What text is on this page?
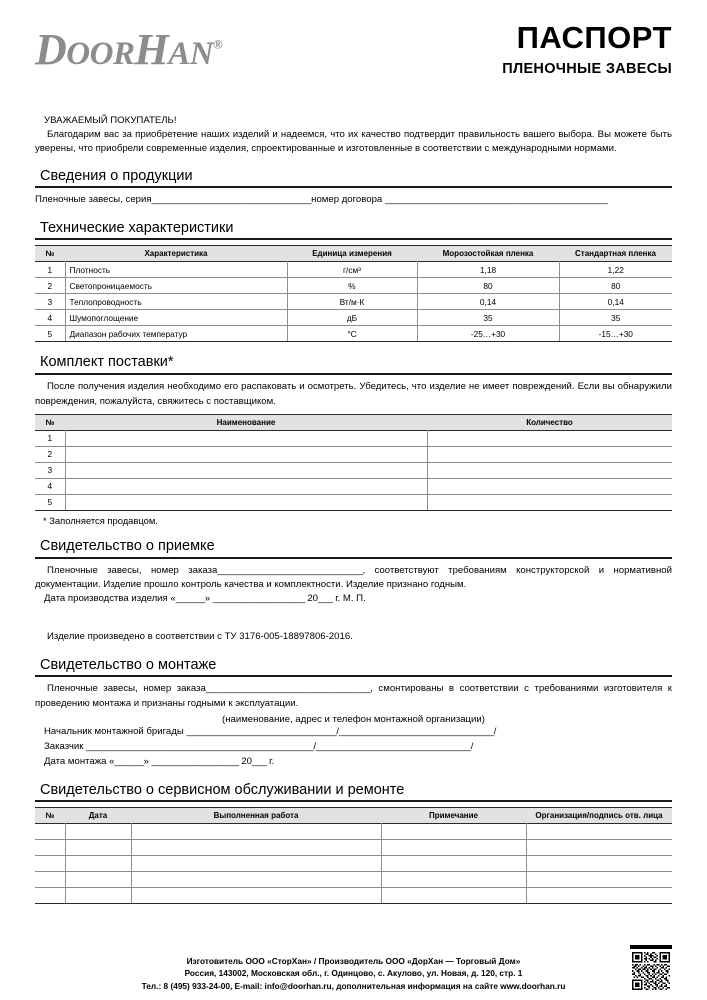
DOORHAN®	ПАСПОРТ
ПЛЕНОЧНЫЕ ЗАВЕСЫ
УВАЖАЕМЫЙ ПОКУПАТЕЛЬ!
Благодарим вас за приобретение наших изделий и надеемся, что их качество подтвердит правильность вашего выбора. Вы можете быть уверены, что приобрели современные изделия, спроектированные и изготовленные в соответствии с международными нормами.
Сведения о продукции
Пленочные завесы, серия_________________________________номер договора ______________________________________________
Технические характеристики
№	Характеристика	Единица измерения	Морозостойкая пленка	Стандартная пленка
1	Плотность	г/см³	1,18	1,22
2	Светопроницаемость	%	80	80
3	Теплопроводность	Вт/м·К	0,14	0,14
4	Шумопоглощение	дБ	35	35
5	Диапазон рабочих температур	°C	-25…+30	-15…+30
Комплект поставки*
После получения изделия необходимо его распаковать и осмотреть. Убедитесь, что изделие не имеет повреждений. Если вы обнаружили повреждения, пожалуйста, свяжитесь с поставщиком.
№	Наименование	Количество
1		
2		
3		
4		
5		
* Заполняется продавцом.
Свидетельство о приемке
Пленочные завесы, номер заказа______________________________, соответствуют требованиям конструкторской и нормативной документации. Изделие прошло контроль качества и комплектности. Изделие признано годным.
Дата производства изделия «______» ___________________ 20___ г. М. П.
Изделие произведено в соответствии с ТУ 3176-005-18897806-2016.
Свидетельство о монтаже
Пленочные завесы, номер заказа__________________________________, смонтированы в соответствии с требованиями изготовителя к проведению монтажа и признаны годными к эксплуатации.
(наименование, адрес и телефон монтажной организации)
Начальник монтажной бригады _______________________________/________________________________/
Заказчик _______________________________________________/________________________________/
Дата монтажа «______» __________________ 20___ г.
Свидетельство о сервисном обслуживании и ремонте
№	Дата	Выполненная работа	Примечание	Организация/подпись отв. лица

Изготовитель ООО «СторХан» / Производитель ООО «ДорХан — Торговый Дом»
Россия, 143002, Московская обл., г. Одинцово, с. Акулово, ул. Новая, д. 120, стр. 1
Тел.: 8 (495) 933-24-00, E-mail: info@doorhan.ru, дополнительная информация на сайте www.doorhan.ru
